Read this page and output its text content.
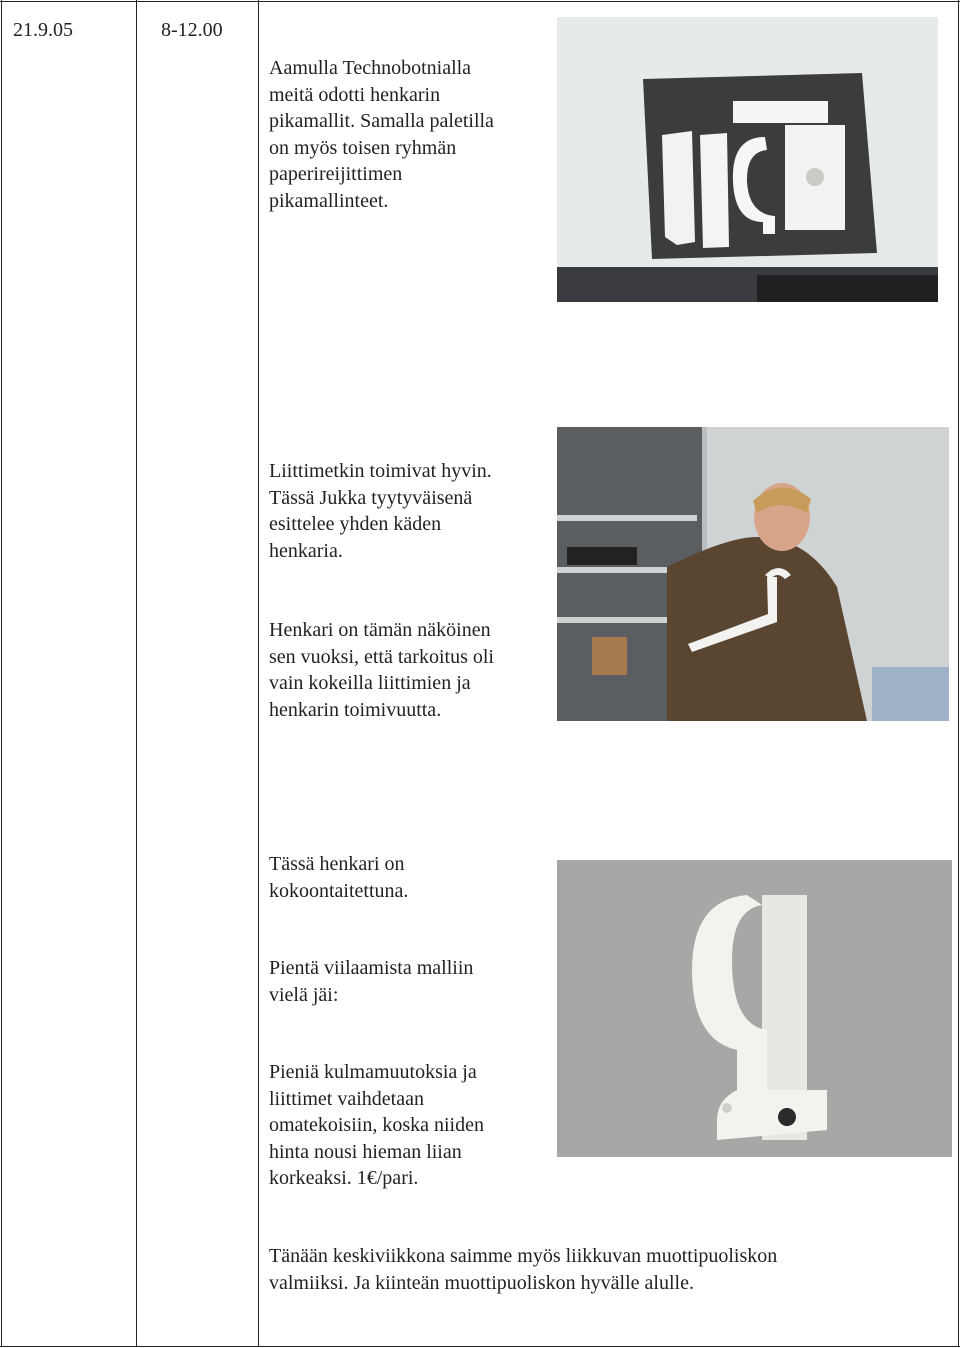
21.9.05	8-12.00
Aamulla Technobotnialla
meitä odotti henkarin
pikamallit. Samalla paletilla
on myös toisen ryhmän
paperireijittimen
pikamallinteet.
Liittimetkin toimivat hyvin.
Tässä Jukka tyytyväisenä
esittelee yhden käden
henkaria.
Henkari on tämän näköinen
sen vuoksi, että tarkoitus oli
vain kokeilla liittimien ja
henkarin toimivuutta.
Tässä henkari on
kokoontaitettuna.
Pientä viilaamista malliin
vielä jäi:
Pieniä kulmamuutoksia ja
liittimet vaihdetaan
omatekoisiin, koska niiden
hinta nousi hieman liian
korkeaksi. 1€/pari.
Tänään keskiviikkona saimme myös liikkuvan muottipuoliskon
valmiiksi. Ja kiinteän muottipuoliskon hyvälle alulle.
